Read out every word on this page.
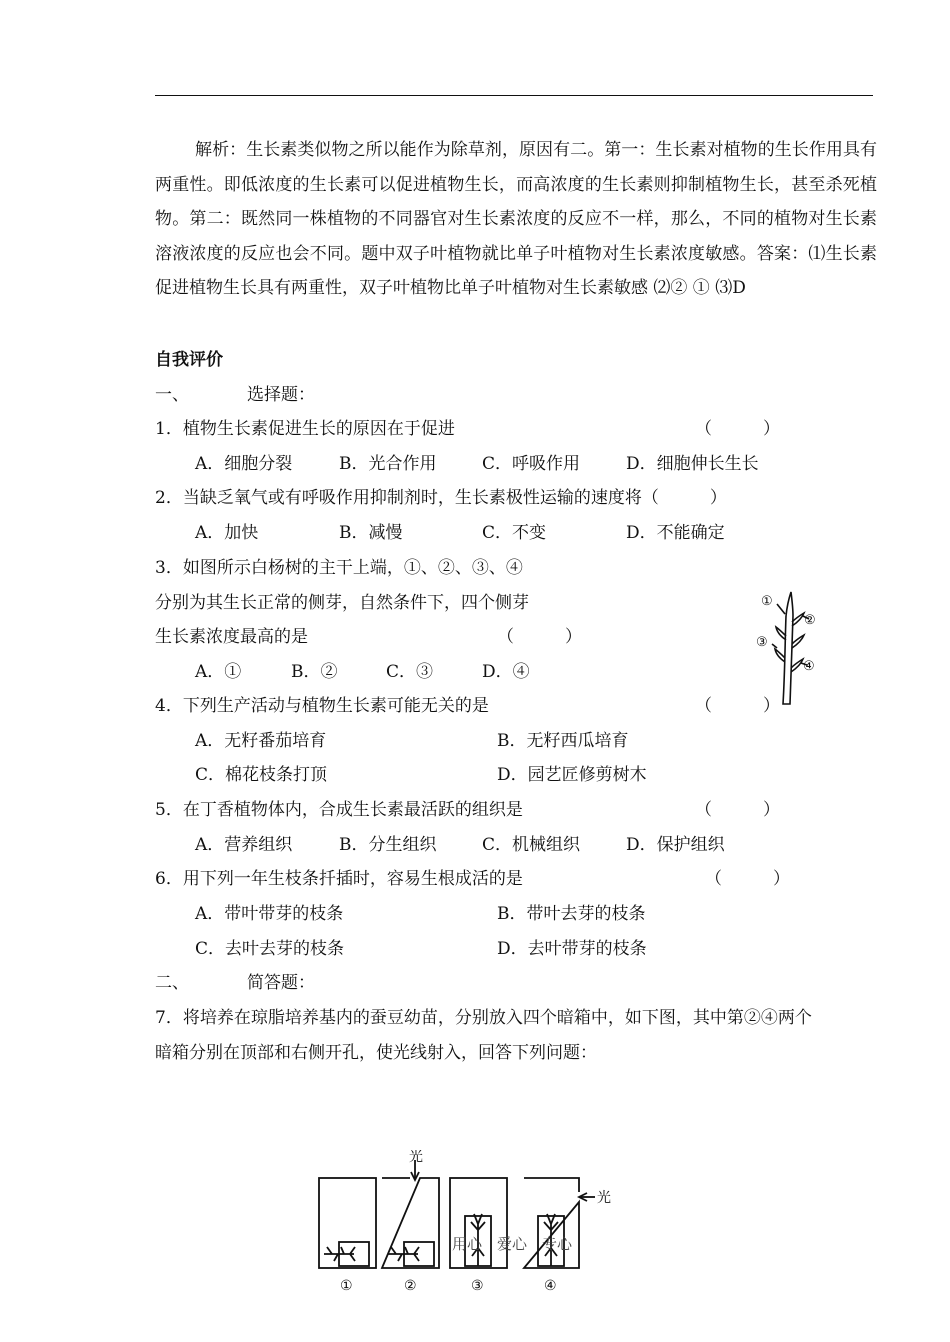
解析：生长素类似物之所以能作为除草剂，原因有二。第一：生长素对植物的生长作用具有两重性。即低浓度的生长素可以促进植物生长，而高浓度的生长素则抑制植物生长，甚至杀死植物。第二：既然同一株植物的不同器官对生长素浓度的反应不一样，那么，不同的植物对生长素溶液浓度的反应也会不同。题中双子叶植物就比单子叶植物对生长素浓度敏感。答案：⑴生长素促进植物生长具有两重性，双子叶植物比单子叶植物对生长素敏感 ⑵② ① ⑶D
自我评价
一、	选择题：
1．植物生长素促进生长的原因在于促进	（　　　）
A．细胞分裂	B．光合作用	C．呼吸作用	D．细胞伸长生长
2．当缺乏氧气或有呼吸作用抑制剂时，生长素极性运输的速度将（　　　）
A．加快	B．减慢	C．不变	D．不能确定
3．如图所示白杨树的主干上端，①、②、③、④
分别为其生长正常的侧芽，自然条件下，四个侧芽
生长素浓度最高的是	（　　　）
A．①	B．②	C．③	D．④
①
②
③
④
4．下列生产活动与植物生长素可能无关的是	（　　　）
A．无籽番茄培育	B．无籽西瓜培育
C．棉花枝条打顶	D．园艺匠修剪树木
5．在丁香植物体内，合成生长素最活跃的组织是	（　　　）
A．营养组织	B．分生组织	C．机械组织	D．保护组织
6．用下列一年生枝条扦插时，容易生根成活的是	（　　　）
A．带叶带芽的枝条	B．带叶去芽的枝条
C．去叶去芽的枝条	D．去叶带芽的枝条
二、	简答题：
7．将培养在琼脂培养基内的蚕豆幼苗，分别放入四个暗箱中，如下图，其中第②④两个
暗箱分别在顶部和右侧开孔，使光线射入，回答下列问题：
光
光
①	②	③	④
用心　爱心　专心
